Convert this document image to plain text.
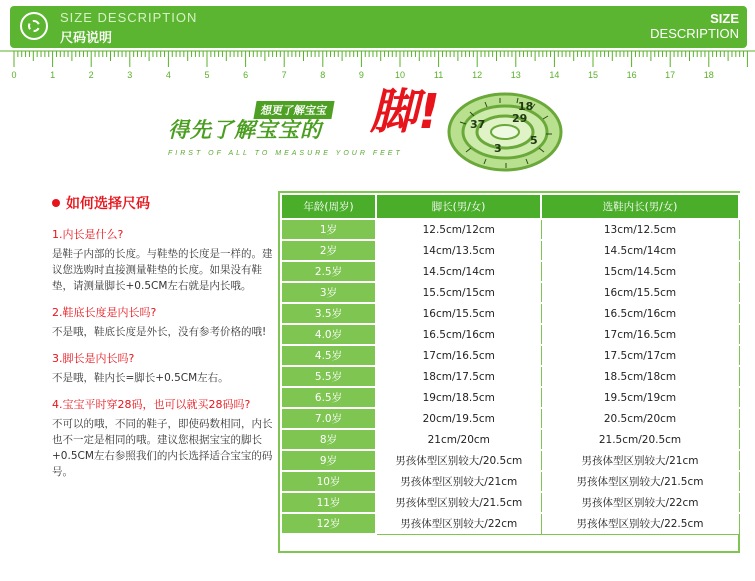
SIZE DESCRIPTION
尺码说明
SIZE
DESCRIPTION
0	1	2	3	4	5	6	7	8	9	10	11	12	13	14	15	16	17	18
想更了解宝宝
得先了解宝宝的 脚!
FIRST OF ALL TO MEASURE YOUR FEET
37 29
5
3
18
如何选择尺码
1.内长是什么?
是鞋子内部的长度。与鞋垫的长度是一样的。建议您选购时直接测量鞋垫的长度。如果没有鞋垫，请测量脚长+0.5CM左右就是内长哦。
2.鞋底长度是内长吗?
不是哦，鞋底长度是外长，没有参考价格的哦!
3.脚长是内长吗?
不是哦，鞋内长=脚长+0.5CM左右。
4.宝宝平时穿28码，也可以就买28码吗?
不可以的哦，不同的鞋子，即使码数相同，内长也不一定是相同的哦。建议您根据宝宝的脚长+0.5CM左右参照我们的内长选择适合宝宝的码号。
年龄(周岁)	脚长(男/女)	选鞋内长(男/女)
1岁	12.5cm/12cm	13cm/12.5cm
2岁	14cm/13.5cm	14.5cm/14cm
2.5岁	14.5cm/14cm	15cm/14.5cm
3岁	15.5cm/15cm	16cm/15.5cm
3.5岁	16cm/15.5cm	16.5cm/16cm
4.0岁	16.5cm/16cm	17cm/16.5cm
4.5岁	17cm/16.5cm	17.5cm/17cm
5.5岁	18cm/17.5cm	18.5cm/18cm
6.5岁	19cm/18.5cm	19.5cm/19cm
7.0岁	20cm/19.5cm	20.5cm/20cm
8岁	21cm/20cm	21.5cm/20.5cm
9岁	男孩体型区别较大/20.5cm	男孩体型区别较大/21cm
10岁	男孩体型区别较大/21cm	男孩体型区别较大/21.5cm
11岁	男孩体型区别较大/21.5cm	男孩体型区别较大/22cm
12岁	男孩体型区别较大/22cm	男孩体型区别较大/22.5cm
